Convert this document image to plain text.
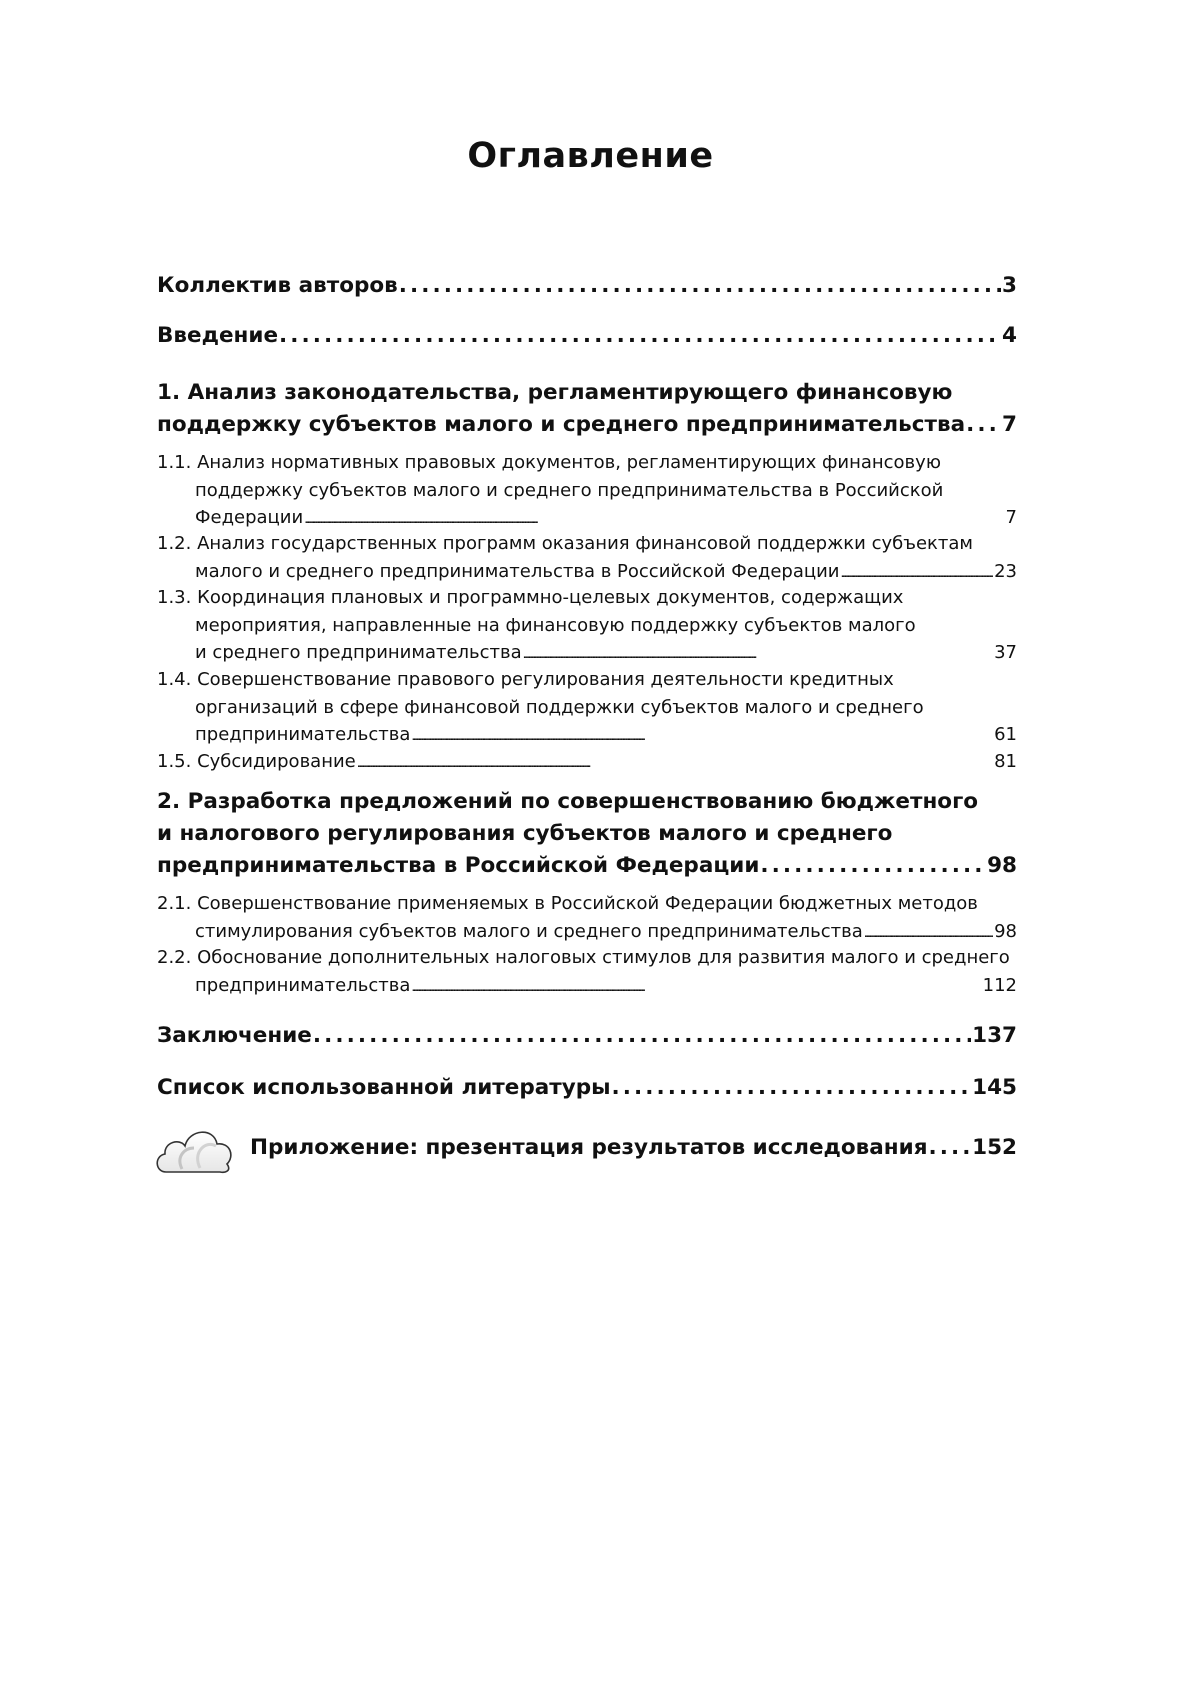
Оглавление
Коллектив авторов . . .	3
Введение . . .	4
1. Анализ законодательства, регламентирующего финансовую
поддержку субъектов малого и среднего предпринимательства . . . 7
1.1. Анализ нормативных правовых документов, регламентирующих финансовую
поддержку субъектов малого и среднего предпринимательства в Российской
Федерации . . .	7
1.2. Анализ государственных программ оказания финансовой поддержки субъектам
малого и среднего предпринимательства в Российской Федерации . . .	23
1.3. Координация плановых и программно-целевых документов, содержащих
мероприятия, направленные на финансовую поддержку субъектов малого
и среднего предпринимательства . . .	37
1.4. Совершенствование правового регулирования деятельности кредитных
организаций в сфере финансовой поддержки субъектов малого и среднего
предпринимательства . . .	61
1.5. Субсидирование . . .	81
2. Разработка предложений по совершенствованию бюджетного
и налогового регулирования субъектов малого и среднего
предпринимательства в Российской Федерации . . .	98
2.1. Совершенствование применяемых в Российской Федерации бюджетных методов
стимулирования субъектов малого и среднего предпринимательства . . .	98
2.2. Обоснование дополнительных налоговых стимулов для развития малого и среднего
предпринимательства . . .	112
Заключение . . .	137
Список использованной литературы . . .	145
Приложение: презентация результатов исследования . . . 152
